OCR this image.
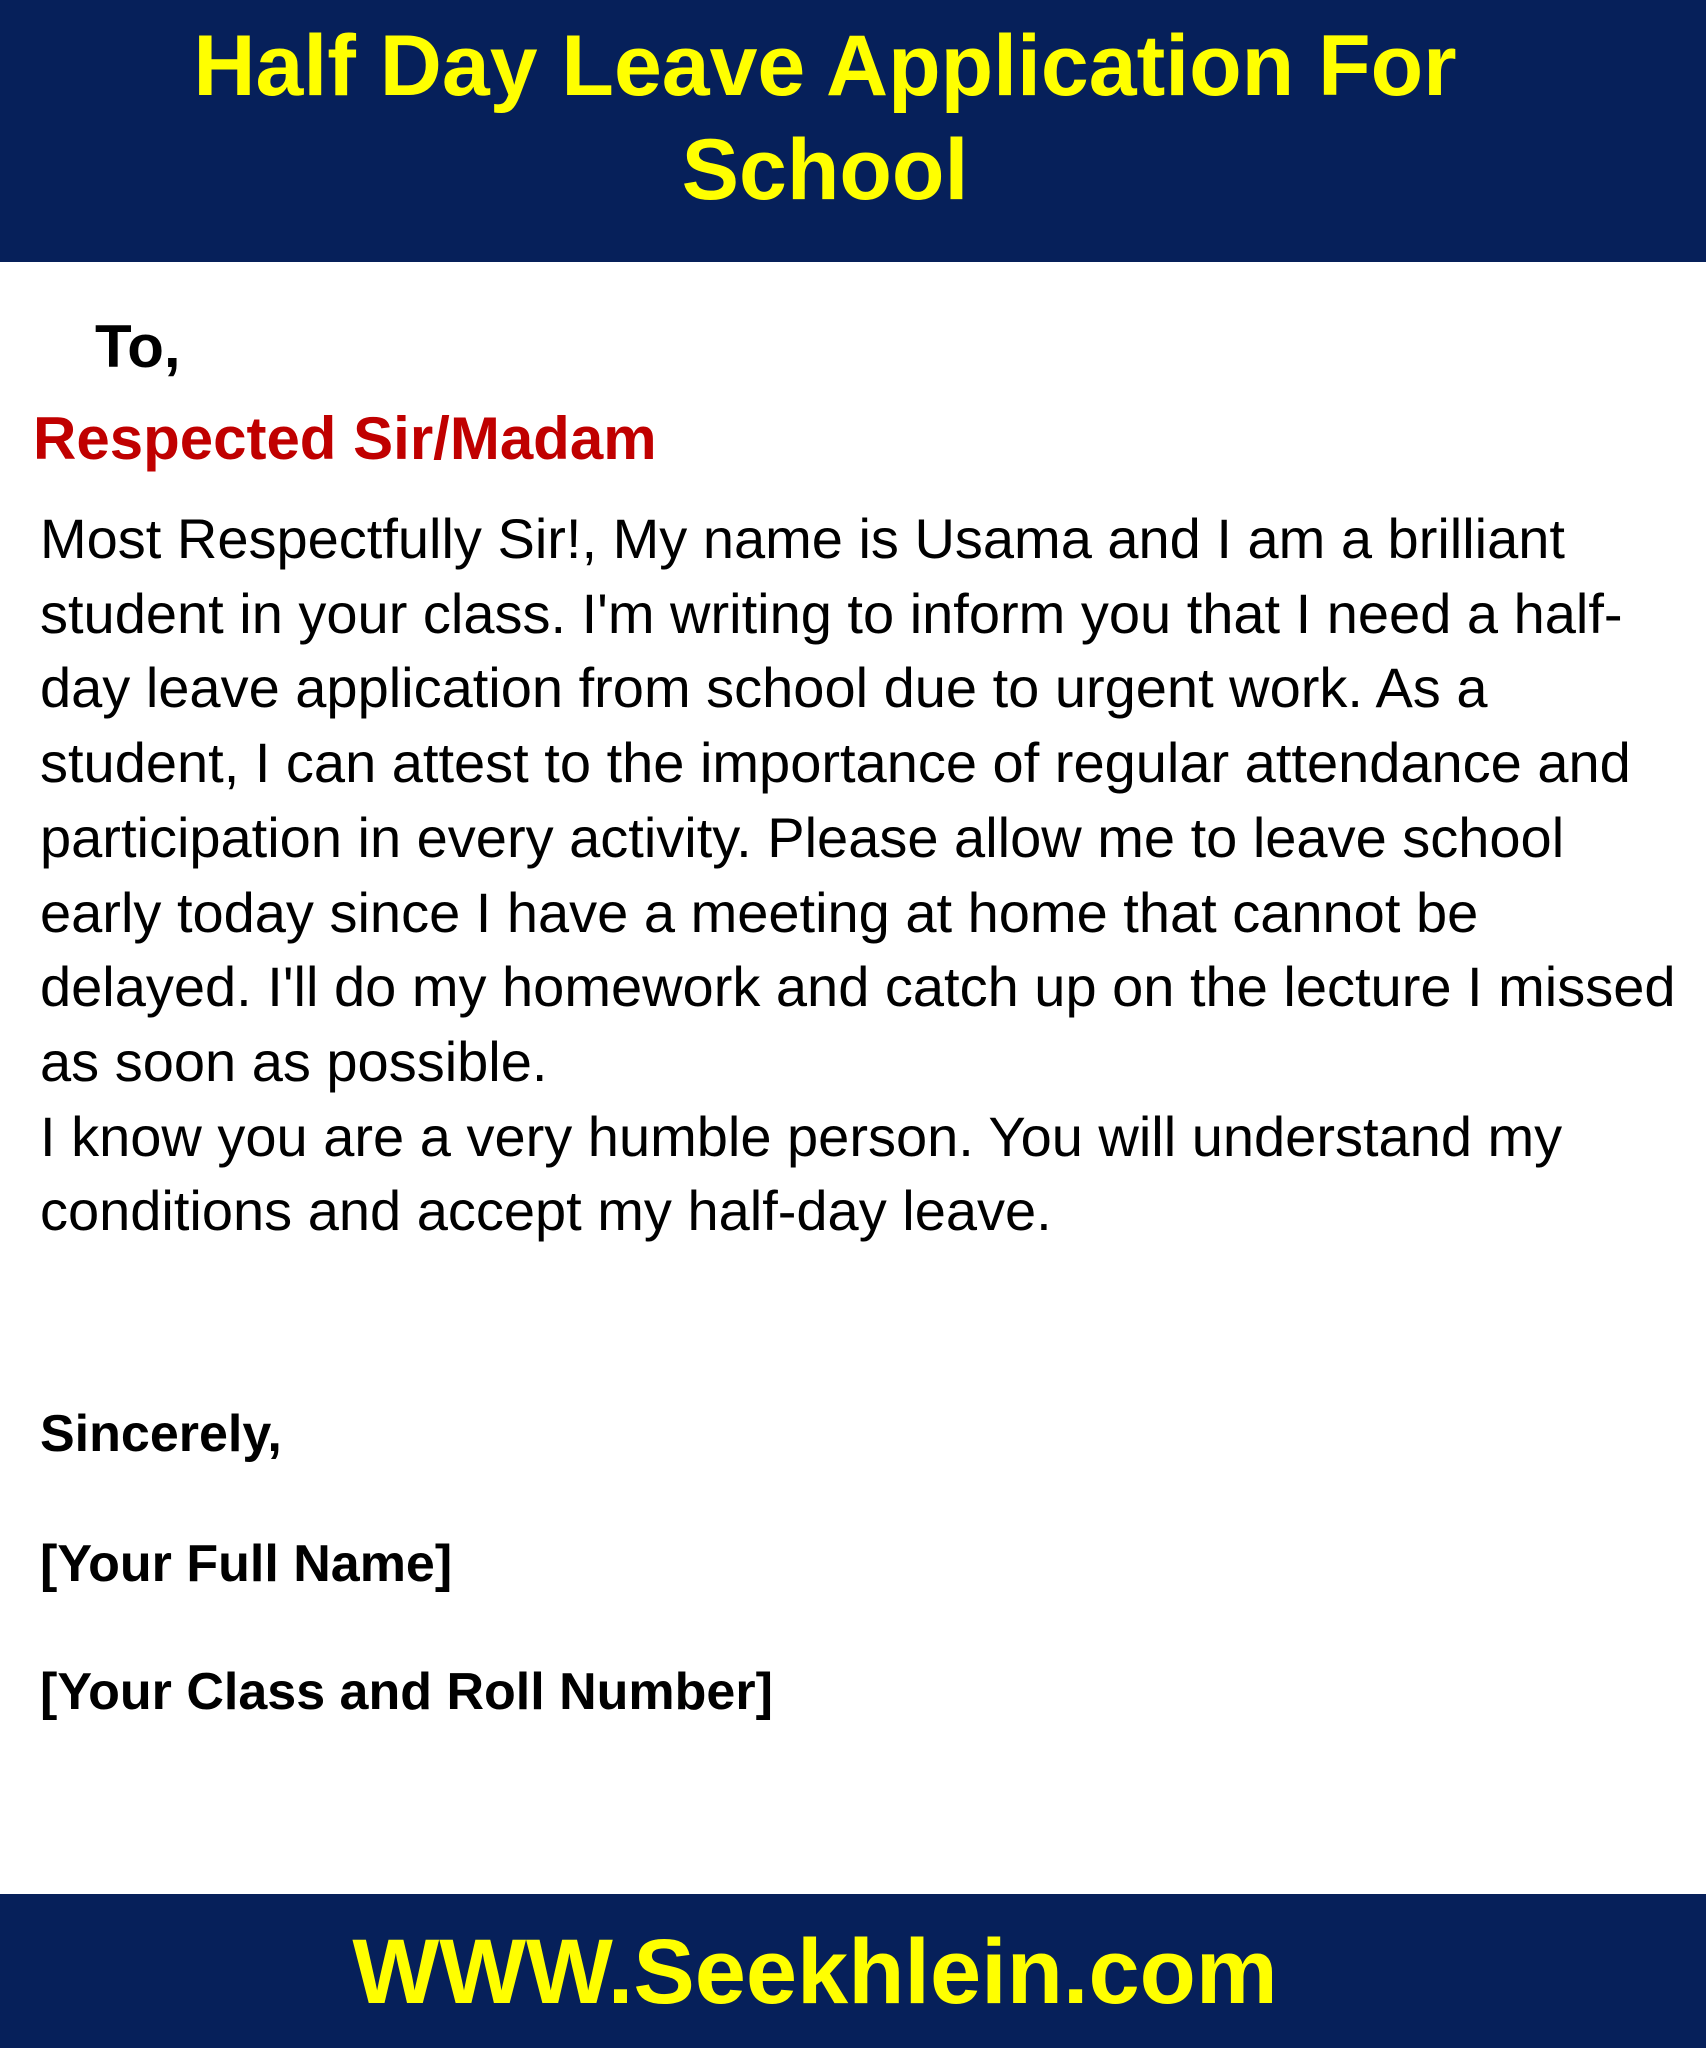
Half Day Leave Application For
School
To,
Respected Sir/Madam

Most Respectfully Sir!, My name is Usama and I am a brilliant student in your class. I'm writing to inform you that I need a half-day leave application from school due to urgent work. As a student, I can attest to the importance of regular attendance and participation in every activity. Please allow me to leave school early today since I have a meeting at home that cannot be delayed. I'll do my homework and catch up on the lecture I missed as soon as possible.

I know you are a very humble person. You will understand my conditions and accept my half-day leave.

Sincerely,
[Your Full Name]
[Your Class and Roll Number]
WWW.Seekhlein.com
